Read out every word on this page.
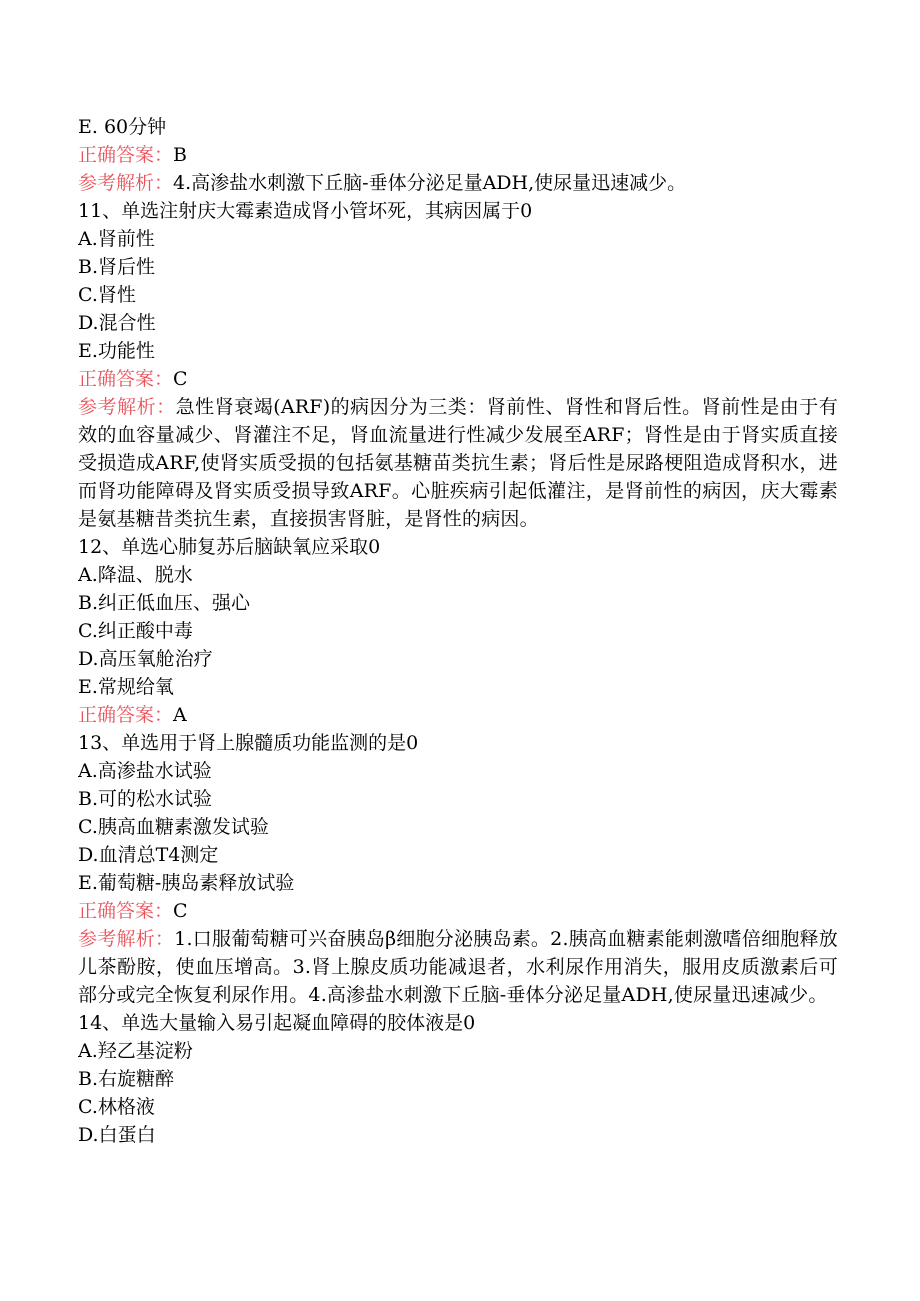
E. 60分钟
正确答案：B
参考解析：4.高渗盐水刺激下丘脑-垂体分泌足量ADH,使尿量迅速减少。
11、单选注射庆大霉素造成肾小管坏死，其病因属于0
A.肾前性
B.肾后性
C.肾性
D.混合性
E.功能性
正确答案：C
参考解析：急性肾衰竭(ARF)的病因分为三类：肾前性、肾性和肾后性。肾前性是由于有效的血容量减少、肾灌注不足，肾血流量进行性减少发展至ARF；肾性是由于肾实质直接受损造成ARF,使肾实质受损的包括氨基糖苗类抗生素；肾后性是尿路梗阻造成肾积水，进而肾功能障碍及肾实质受损导致ARF。心脏疾病引起低灌注，是肾前性的病因，庆大霉素是氨基糖昔类抗生素，直接损害肾脏，是肾性的病因。
12、单选心肺复苏后脑缺氧应采取0
A.降温、脱水
B.纠正低血压、强心
C.纠正酸中毒
D.高压氧舱治疗
E.常规给氧
正确答案：A
13、单选用于肾上腺髓质功能监测的是0
A.高渗盐水试验
B.可的松水试验
C.胰高血糖素激发试验
D.血清总T4测定
E.葡萄糖-胰岛素释放试验
正确答案：C
参考解析：1.口服葡萄糖可兴奋胰岛β细胞分泌胰岛素。2.胰高血糖素能刺激嗜倍细胞释放儿茶酚胺，使血压增高。3.肾上腺皮质功能减退者，水利尿作用消失，服用皮质激素后可部分或完全恢复利尿作用。4.高渗盐水刺激下丘脑-垂体分泌足量ADH,使尿量迅速减少。
14、单选大量输入易引起凝血障碍的胶体液是0
A.羟乙基淀粉
B.右旋糖醉
C.林格液
D.白蛋白
